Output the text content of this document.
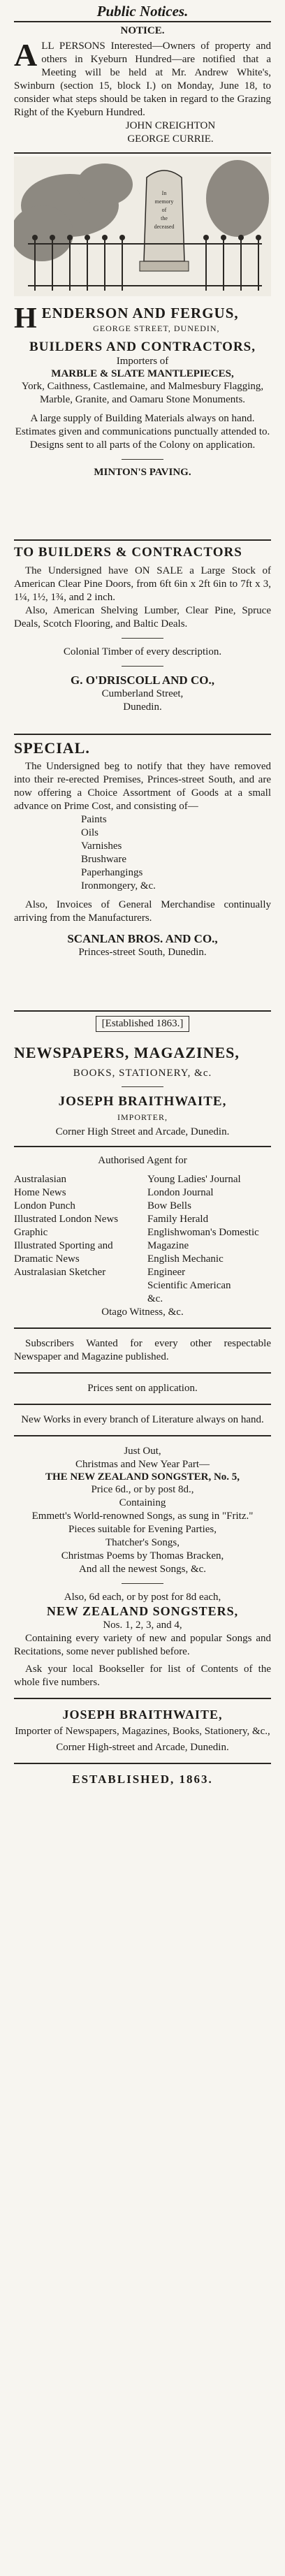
Public Notices.
NOTICE.
ALL PERSONS Interested—Owners of property and others in Kyeburn Hundred—are notified that a Meeting will be held at Mr. Andrew White's, Swinburn (section 15, block I.) on Monday, June 18, to consider what steps should be taken in regard to the Grazing Right of the Kyeburn Hundred.
JOHN CREIGHTON
GEORGE CURRIE.
In
memory
of
the
deceased
HENDERSON AND FERGUS,
GEORGE STREET, DUNEDIN,
BUILDERS AND CONTRACTORS,
Importers of
MARBLE & SLATE MANTLEPIECES,
York, Caithness, Castlemaine, and Malmesbury Flagging,
Marble, Granite, and Oamaru Stone Monuments.
A large supply of Building Materials always on hand.
Estimates given and communications punctually attended to.
Designs sent to all parts of the Colony on application.
MINTON'S PAVING.
TO BUILDERS & CONTRACTORS
The Undersigned have ON SALE a Large Stock of American Clear Pine Doors, from 6ft 6in x 2ft 6in to 7ft x 3, 1¼, 1½, 1¾, and 2 inch.
Also, American Shelving Lumber, Clear Pine, Spruce Deals, Scotch Flooring, and Baltic Deals.
Colonial Timber of every description.
G. O'DRISCOLL AND CO.,
Cumberland Street,
Dunedin.
SPECIAL.
The Undersigned beg to notify that they have removed into their re-erected Premises, Princes-street South, and are now offering a Choice Assortment of Goods at a small advance on Prime Cost, and consisting of—
Paints
Oils
Varnishes
Brushware
Paperhangings
Ironmongery, &c.
Also, Invoices of General Merchandise continually arriving from the Manufacturers.
SCANLAN BROS. AND CO.,
Princes-street South, Dunedin.
[Established 1863.]
NEWSPAPERS, MAGAZINES,
BOOKS, STATIONERY, &c.
JOSEPH BRAITHWAITE,
IMPORTER,
Corner High Street and Arcade, Dunedin.
Authorised Agent for
Australasian
Home News
London Punch
Illustrated London News
Graphic
Illustrated Sporting and Dramatic News
Australasian Sketcher
Young Ladies' Journal
London Journal
Bow Bells
Family Herald
Englishwoman's Domestic Magazine
English Mechanic
Engineer
Scientific American
&c.
Otago Witness, &c.
Subscribers Wanted for every other respectable Newspaper and Magazine published.
Prices sent on application.
New Works in every branch of Literature always on hand.
Just Out,
Christmas and New Year Part—
THE NEW ZEALAND SONGSTER, No. 5,
Price 6d., or by post 8d.,
Containing
Emmett's World-renowned Songs, as sung in "Fritz."
Pieces suitable for Evening Parties,
Thatcher's Songs,
Christmas Poems by Thomas Bracken,
And all the newest Songs, &c.
Also, 6d each, or by post for 8d each,
NEW ZEALAND SONGSTERS,
Nos. 1, 2, 3, and 4,
Containing every variety of new and popular Songs and Recitations, some never published before.
Ask your local Bookseller for list of Contents of the whole five numbers.
JOSEPH BRAITHWAITE,
Importer of Newspapers, Magazines, Books, Stationery, &c.,
Corner High-street and Arcade, Dunedin.
ESTABLISHED, 1863.
